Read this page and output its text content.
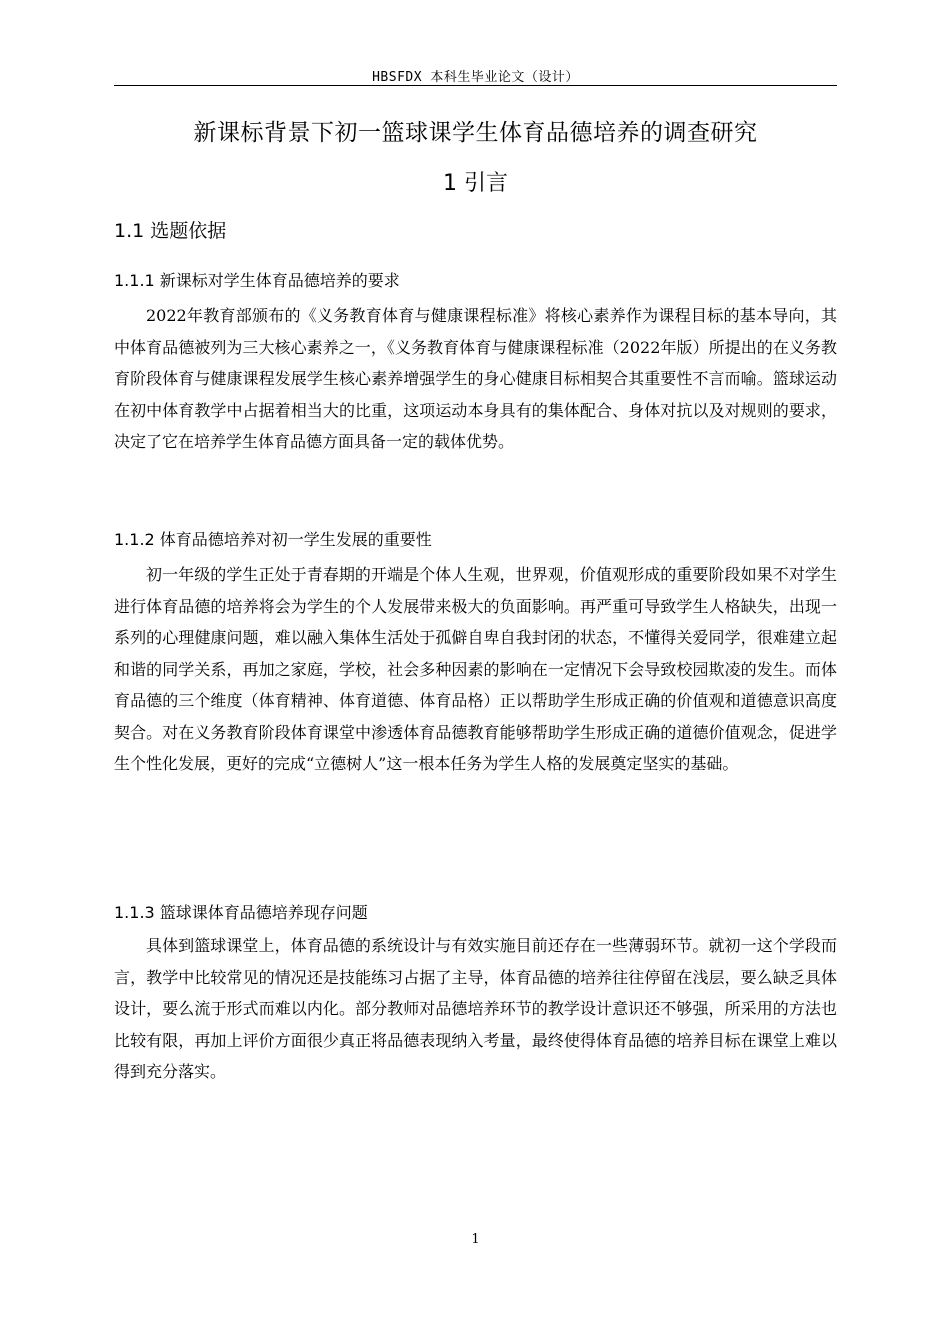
HBSFDX 本科生毕业论文（设计）
新课标背景下初一篮球课学生体育品德培养的调查研究
1 引言
1.1 选题依据
1.1.1 新课标对学生体育品德培养的要求

2022年教育部颁布的《义务教育体育与健康课程标准》将核心素养作为课程目标的基本导向，其中体育品德被列为三大核心素养之一，《义务教育体育与健康课程标准（2022年版）所提出的在义务教育阶段体育与健康课程发展学生核心素养增强学生的身心健康目标相契合其重要性不言而喻。篮球运动在初中体育教学中占据着相当大的比重，这项运动本身具有的集体配合、身体对抗以及对规则的要求，决定了它在培养学生体育品德方面具备一定的载体优势。

1.1.2 体育品德培养对初一学生发展的重要性

初一年级的学生正处于青春期的开端是个体人生观，世界观，价值观形成的重要阶段如果不对学生进行体育品德的培养将会为学生的个人发展带来极大的负面影响。再严重可导致学生人格缺失，出现一系列的心理健康问题，难以融入集体生活处于孤僻自卑自我封闭的状态，不懂得关爱同学，很难建立起和谐的同学关系，再加之家庭，学校，社会多种因素的影响在一定情况下会导致校园欺凌的发生。而体育品德的三个维度（体育精神、体育道德、体育品格）正以帮助学生形成正确的价值观和道德意识高度契合。对在义务教育阶段体育课堂中渗透体育品德教育能够帮助学生形成正确的道德价值观念，促进学生个性化发展，更好的完成“立德树人”这一根本任务为学生人格的发展奠定坚实的基础。

1.1.3 篮球课体育品德培养现存问题

具体到篮球课堂上，体育品德的系统设计与有效实施目前还存在一些薄弱环节。就初一这个学段而言，教学中比较常见的情况还是技能练习占据了主导，体育品德的培养往往停留在浅层，要么缺乏具体设计，要么流于形式而难以内化。部分教师对品德培养环节的教学设计意识还不够强，所采用的方法也比较有限，再加上评价方面很少真正将品德表现纳入考量，最终使得体育品德的培养目标在课堂上难以得到充分落实。

1
